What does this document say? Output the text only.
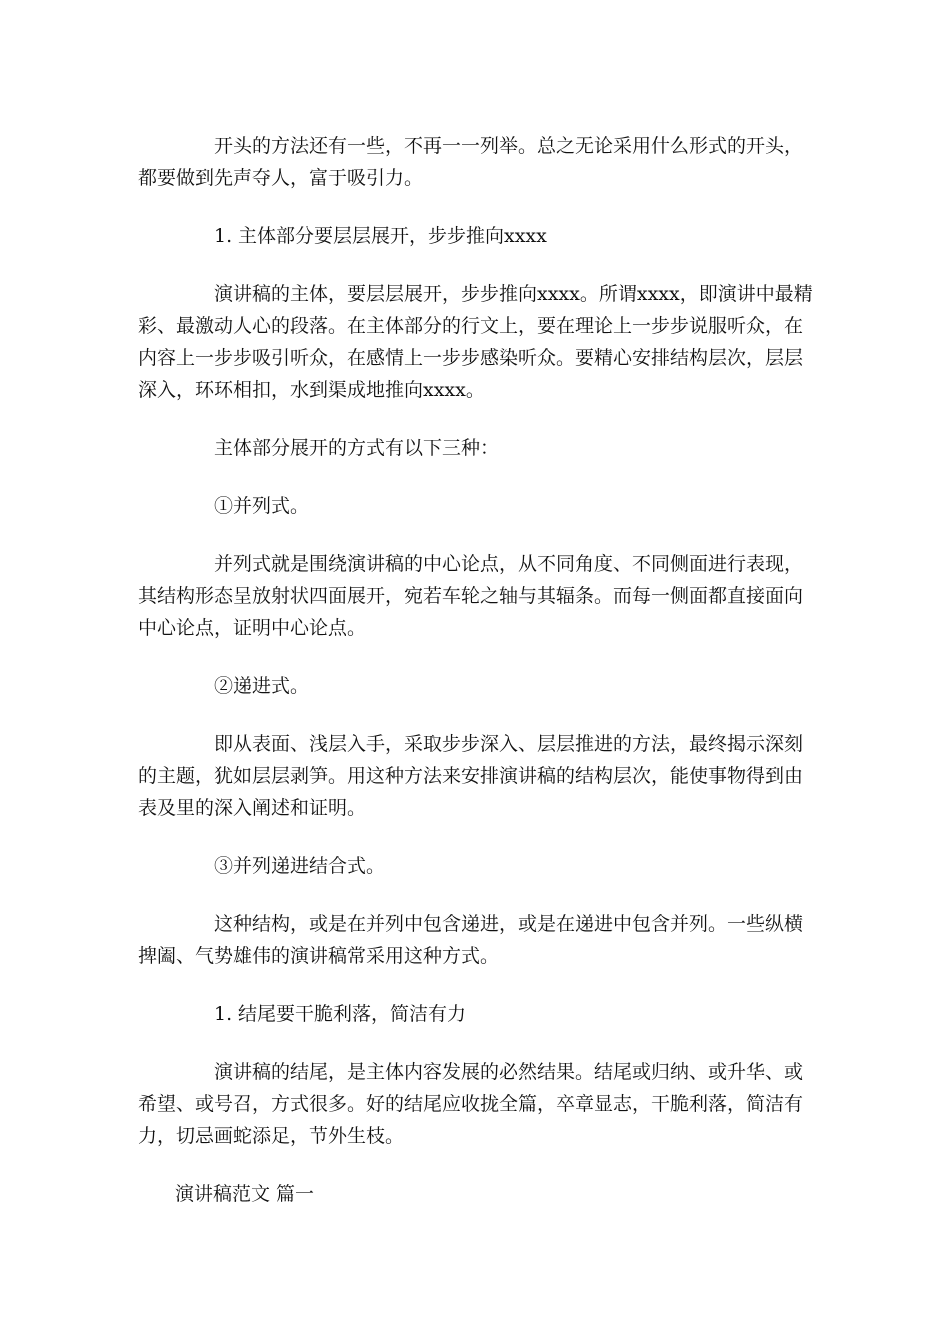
开头的方法还有一些，不再一一列举。总之无论采用什么形式的开头，
都要做到先声夺人，富于吸引力。
1. 主体部分要层层展开，步步推向xxxx
演讲稿的主体，要层层展开，步步推向xxxx。所谓xxxx，即演讲中最精
彩、最激动人心的段落。在主体部分的行文上，要在理论上一步步说服听众，在
内容上一步步吸引听众，在感情上一步步感染听众。要精心安排结构层次，层层
深入，环环相扣，水到渠成地推向xxxx。
主体部分展开的方式有以下三种：
①并列式。
并列式就是围绕演讲稿的中心论点，从不同角度、不同侧面进行表现，
其结构形态呈放射状四面展开，宛若车轮之轴与其辐条。而每一侧面都直接面向
中心论点，证明中心论点。
②递进式。
即从表面、浅层入手，采取步步深入、层层推进的方法，最终揭示深刻
的主题，犹如层层剥笋。用这种方法来安排演讲稿的结构层次，能使事物得到由
表及里的深入阐述和证明。
③并列递进结合式。
这种结构，或是在并列中包含递进，或是在递进中包含并列。一些纵横
捭阖、气势雄伟的演讲稿常采用这种方式。
1. 结尾要干脆利落，简洁有力
演讲稿的结尾，是主体内容发展的必然结果。结尾或归纳、或升华、或
希望、或号召，方式很多。好的结尾应收拢全篇，卒章显志，干脆利落，简洁有
力，切忌画蛇添足，节外生枝。
演讲稿范文 篇一
